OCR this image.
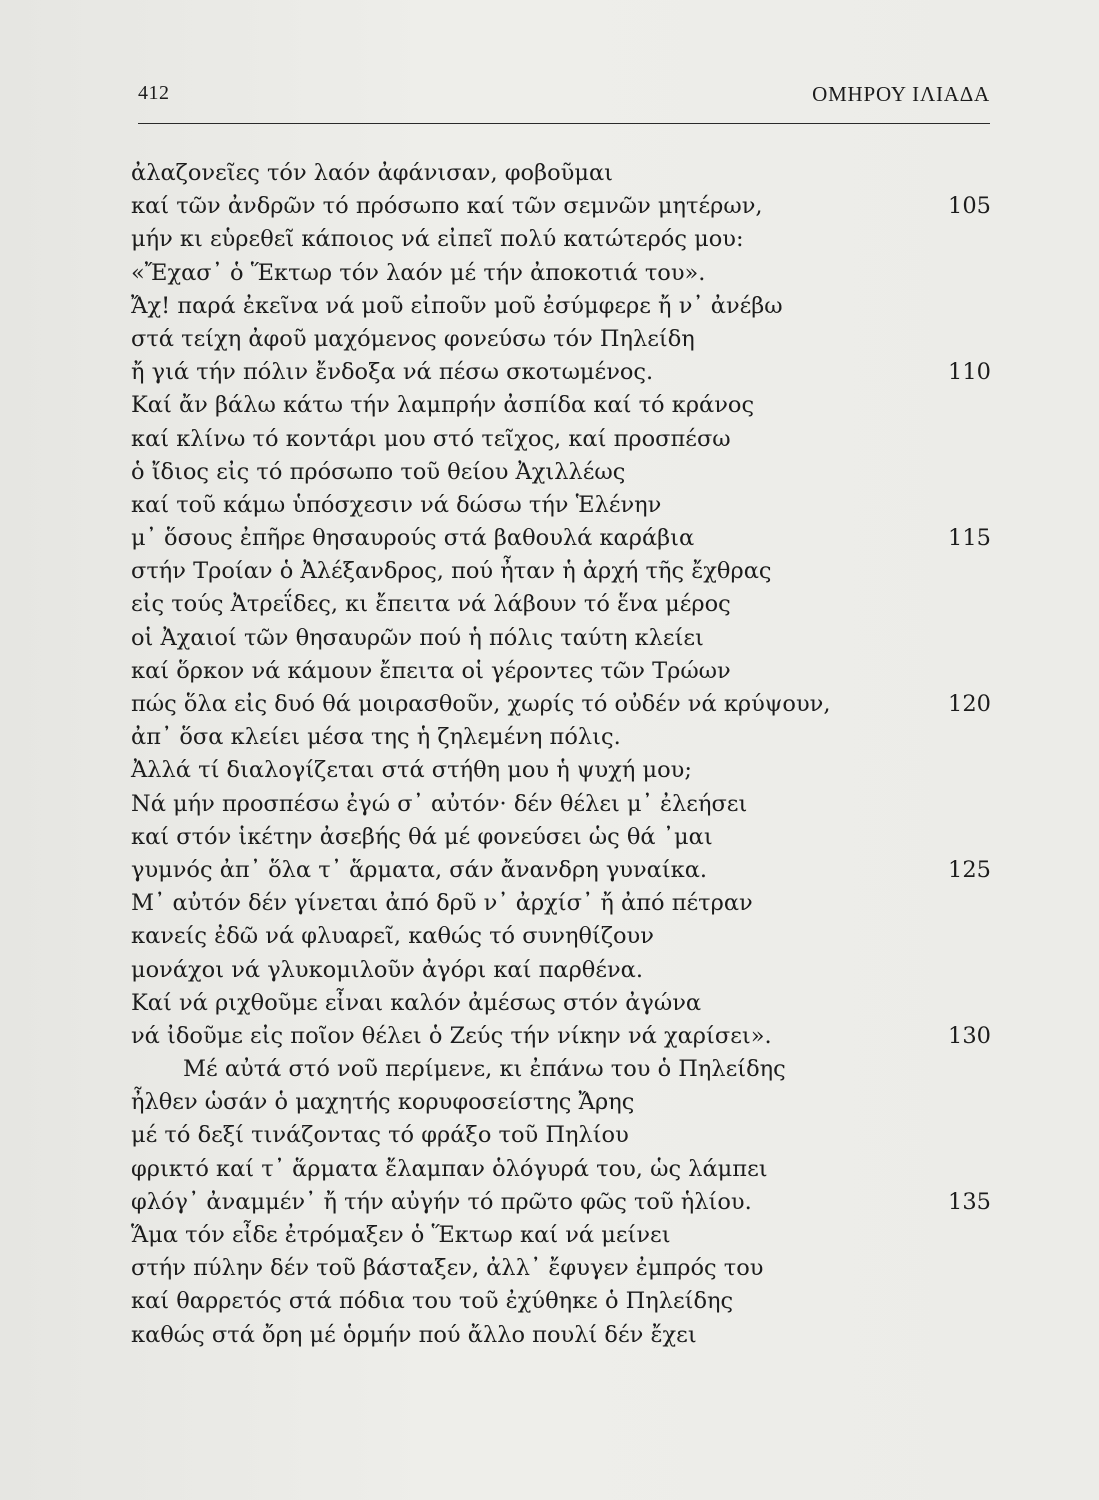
412	ΟΜΗΡΟΥ ΙΛΙΑΔΑ
ἀλαζονεῖες τόν λαόν ἀφάνισαν, φοβοῦμαι
καί τῶν ἀνδρῶν τό πρόσωπο καί τῶν σεμνῶν μητέρων,	105
μήν κι εὑρεθεῖ κάποιος νά εἰπεῖ πολύ κατώτερός μου:
«Ἔχασ᾽ ὁ Ἕκτωρ τόν λαόν μέ τήν ἀποκοτιά του».
Ἄχ! παρά ἐκεῖνα νά μοῦ εἰποῦν μοῦ ἐσύμφερε ἤ ν᾽ ἀνέβω
στά τείχη ἀφοῦ μαχόμενος φονεύσω τόν Πηλείδη
ἤ γιά τήν πόλιν ἔνδοξα νά πέσω σκοτωμένος.	110
Καί ἄν βάλω κάτω τήν λαμπρήν ἀσπίδα καί τό κράνος
καί κλίνω τό κοντάρι μου στό τεῖχος, καί προσπέσω
ὁ ἴδιος εἰς τό πρόσωπο τοῦ θείου Ἀχιλλέως
καί τοῦ κάμω ὑπόσχεσιν νά δώσω τήν Ἑλένην
μ᾽ ὅσους ἐπῆρε θησαυρούς στά βαθουλά καράβια	115
στήν Τροίαν ὁ Ἀλέξανδρος, πού ἦταν ἡ ἀρχή τῆς ἔχθρας
εἰς τούς Ἀτρεΐδες, κι ἔπειτα νά λάβουν τό ἕνα μέρος
οἱ Ἀχαιοί τῶν θησαυρῶν πού ἡ πόλις ταύτη κλείει
καί ὅρκον νά κάμουν ἔπειτα οἱ γέροντες τῶν Τρώων
πώς ὅλα εἰς δυό θά μοιρασθοῦν, χωρίς τό οὐδέν νά κρύψουν,	120
ἀπ᾽ ὅσα κλείει μέσα της ἡ ζηλεμένη πόλις.
Ἀλλά τί διαλογίζεται στά στήθη μου ἡ ψυχή μου;
Νά μήν προσπέσω ἐγώ σ᾽ αὐτόν· δέν θέλει μ᾽ ἐλεήσει
καί στόν ἱκέτην ἀσεβής θά μέ φονεύσει ὡς θά ᾽μαι
γυμνός ἀπ᾽ ὅλα τ᾽ ἅρματα, σάν ἄνανδρη γυναίκα.	125
Μ᾽ αὐτόν δέν γίνεται ἀπό δρῦ ν᾽ ἀρχίσ᾽ ἤ ἀπό πέτραν
κανείς ἐδῶ νά φλυαρεῖ, καθώς τό συνηθίζουν
μονάχοι νά γλυκομιλοῦν ἀγόρι καί παρθένα.
Καί νά ριχθοῦμε εἶναι καλόν ἀμέσως στόν ἀγώνα
νά ἰδοῦμε εἰς ποῖον θέλει ὁ Ζεύς τήν νίκην νά χαρίσει».	130
Μέ αὐτά στό νοῦ περίμενε, κι ἐπάνω του ὁ Πηλείδης
ἦλθεν ὡσάν ὁ μαχητής κορυφοσείστης Ἄρης
μέ τό δεξί τινάζοντας τό φράξο τοῦ Πηλίου
φρικτό καί τ᾽ ἅρματα ἔλαμπαν ὁλόγυρά του, ὡς λάμπει
φλόγ᾽ ἀναμμέν᾽ ἤ τήν αὐγήν τό πρῶτο φῶς τοῦ ἡλίου.	135
Ἅμα τόν εἶδε ἐτρόμαξεν ὁ Ἕκτωρ καί νά μείνει
στήν πύλην δέν τοῦ βάσταξεν, ἀλλ᾽ ἔφυγεν ἐμπρός του
καί θαρρετός στά πόδια του τοῦ ἐχύθηκε ὁ Πηλείδης
καθώς στά ὄρη μέ ὁρμήν πού ἄλλο πουλί δέν ἔχει
